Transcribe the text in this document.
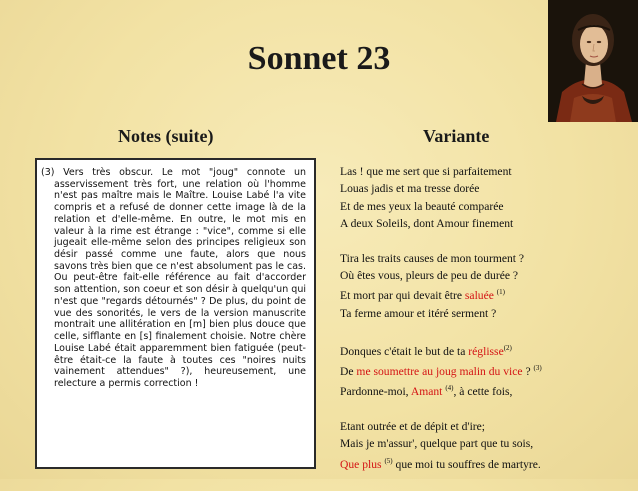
Sonnet 23
Notes (suite)	Variante

(3) Vers très obscur. Le mot "joug" connote un asservissement très fort, une relation où l'homme n'est pas maître mais le Maître. Louise Labé l'a vite compris et a refusé de donner cette image là de la relation et d'elle-même. En outre, le mot mis en valeur à la rime est étrange : "vice", comme si elle jugeait elle-même selon des principes religieux son désir passé comme une faute, alors que nous savons très bien que ce n'est absolument pas le cas. Ou peut-être fait-elle référence au fait d'accorder son attention, son coeur et son désir à quelqu'un qui n'est que "regards détournés" ? De plus, du point de vue des sonorités, le vers de la version manuscrite montrait une allitération en [m] bien plus douce que celle, sifflante en [s] finalement choisie. Notre chère Louise Labé était apparemment bien fatiguée (peut-être était-ce la faute à toutes ces "noires nuits vainement attendues" ?), heureusement, une relecture a permis correction !

Las ! que me sert que si parfaitement
Louas jadis et ma tresse dorée
Et de mes yeux la beauté comparée
A deux Soleils, dont Amour finement
Tira les traits causes de mon tourment ?
Où êtes vous, pleurs de peu de durée ?
Et mort par qui devait être saluée $^{(1)}$
Ta ferme amour et itéré serment ?
Donques c'était le but de ta réglisse$^{(2)}$
De me soumettre au joug malin du vice ? $^{(3)}$
Pardonne-moi, Amant $^{(4)}$, à cette fois,
Etant outrée et de dépit et d'ire;
Mais je m'assur', quelque part que tu sois,
Que plus $^{(5)}$ que moi tu souffres de martyre.
